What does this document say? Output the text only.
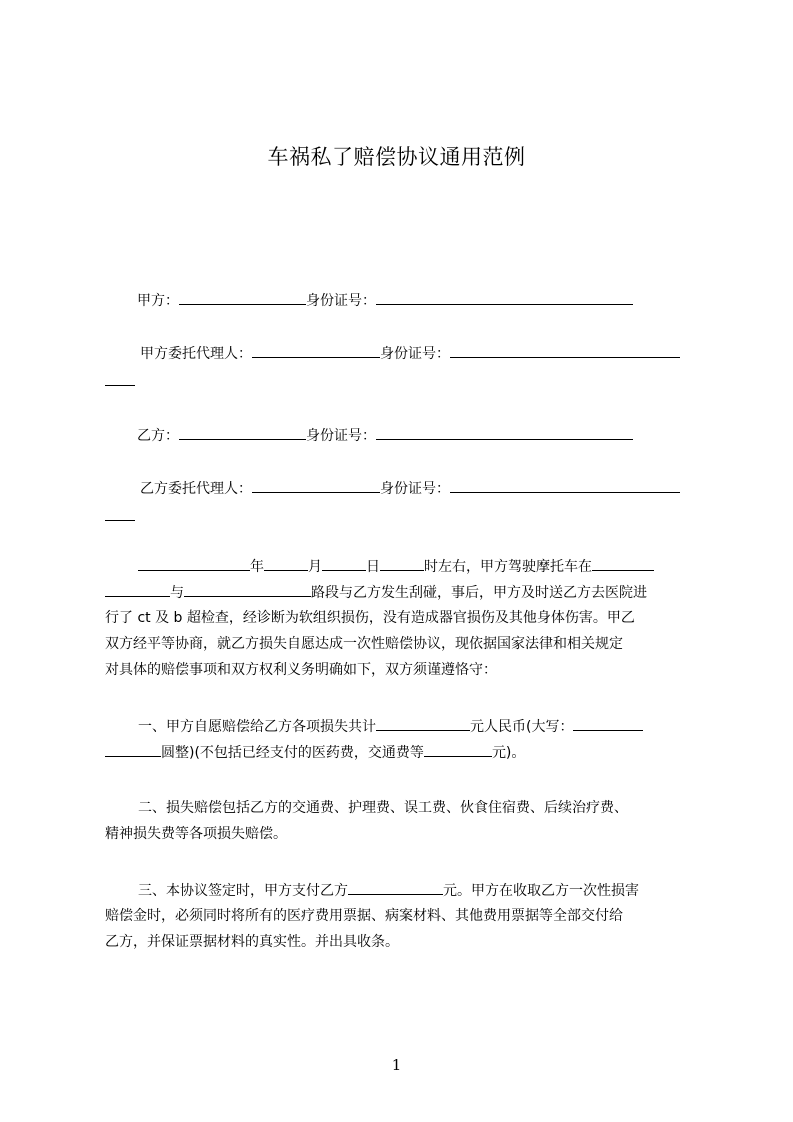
车祸私了赔偿协议通用范例
甲方：	身份证号：
甲方委托代理人：	身份证号：
乙方：	身份证号：
乙方委托代理人：	身份证号：
年	月	日	时左右，甲方驾驶摩托车在
与	路段与乙方发生刮碰，事后，甲方及时送乙方去医院进
行了 ct 及 b 超检查，经诊断为软组织损伤，没有造成器官损伤及其他身体伤害。甲乙
双方经平等协商，就乙方损失自愿达成一次性赔偿协议，现依据国家法律和相关规定
对具体的赔偿事项和双方权利义务明确如下，双方须谨遵恪守：
一、甲方自愿赔偿给乙方各项损失共计	元人民币(大写：
圆整)(不包括已经支付的医药费，交通费等	元)。
二、损失赔偿包括乙方的交通费、护理费、误工费、伙食住宿费、后续治疗费、
精神损失费等各项损失赔偿。
三、本协议签定时，甲方支付乙方	元。甲方在收取乙方一次性损害
赔偿金时，必须同时将所有的医疗费用票据、病案材料、其他费用票据等全部交付给
乙方，并保证票据材料的真实性。并出具收条。
1
